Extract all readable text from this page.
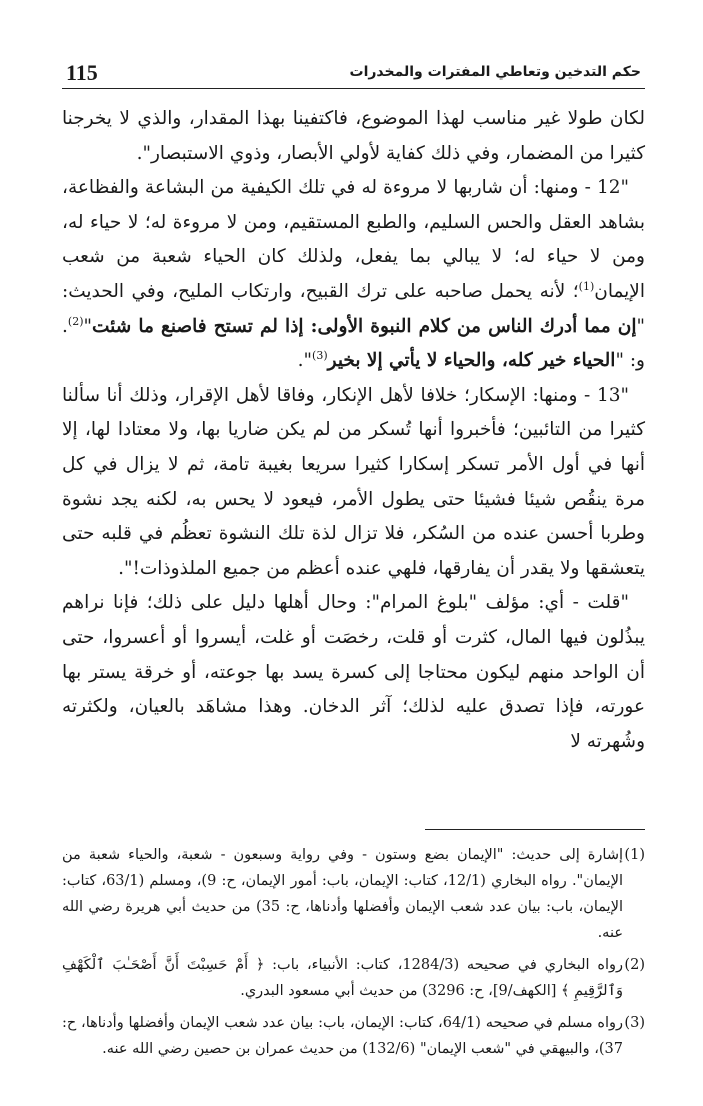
115	حكم التدخين وتعاطي المفترات والمخدرات

لكان طولا غير مناسب لهذا الموضوع، فاكتفينا بهذا المقدار، والذي لا يخرجنا كثيرا من المضمار، وفي ذلك كفاية لأولي الأبصار، وذوي الاستبصار".

"12 - ومنها: أن شاربها لا مروءة له في تلك الكيفية من البشاعة والفظاعة، بشاهد العقل والحس السليم، والطبع المستقيم، ومن لا مروءة له؛ لا حياء له، ومن لا حياء له؛ لا يبالي بما يفعل، ولذلك كان الحياء شعبة من شعب الإيمان$^{(1)}$؛ لأنه يحمل صاحبه على ترك القبيح، وارتكاب المليح، وفي الحديث: "إن مما أدرك الناس من كلام النبوة الأولى: إذا لم تستح فاصنع ما شئت"$^{(2)}$. و: "الحياء خير كله، والحياء لا يأتي إلا بخير$^{(3)}$".

"13 - ومنها: الإسكار؛ خلافا لأهل الإنكار، وفاقا لأهل الإقرار، وذلك أنا سألنا كثيرا من التائبين؛ فأخبروا أنها تُسكر من لم يكن ضاريا بها، ولا معتادا لها، إلا أنها في أول الأمر تسكر إسكارا كثيرا سريعا بغيبة تامة، ثم لا يزال في كل مرة ينقُص شيئا فشيئا حتى يطول الأمر، فيعود لا يحس به، لكنه يجد نشوة وطربا أحسن عنده من السُكر، فلا تزال لذة تلك النشوة تعظُم في قلبه حتى يتعشقها ولا يقدر أن يفارقها، فلهي عنده أعظم من جميع الملذوذات!".

"قلت - أي: مؤلف "بلوغ المرام": وحال أهلها دليل على ذلك؛ فإنا نراهم يبذُلون فيها المال، كثرت أو قلت، رخصَت أو غلت، أيسروا أو أعسروا، حتى أن الواحد منهم ليكون محتاجا إلى كسرة يسد بها جوعته، أو خرقة يستر بها عورته، فإذا تصدق عليه لذلك؛ آثر الدخان. وهذا مشاهَد بالعيان، ولكثرته وشُهرته لا

(1)
إشارة إلى حديث: "الإيمان بضع وستون - وفي رواية وسبعون - شعبة، والحياء شعبة من الإيمان". رواه البخاري (12/1، كتاب: الإيمان، باب: أمور الإيمان، ح: 9)، ومسلم (63/1، كتاب: الإيمان، باب: بيان عدد شعب الإيمان وأفضلها وأدناها، ح: 35) من حديث أبي هريرة رضي الله عنه.

(2)
رواه البخاري في صحيحه (1284/3، كتاب: الأنبياء، باب: ﴿ أَمْ حَسِبْتَ أَنَّ أَصْحَـٰبَ ٱلْكَهْفِ وَٱلرَّقِيمِ ﴾ [الكهف/9]، ح: 3296) من حديث أبي مسعود البدري.

(3)
رواه مسلم في صحيحه (64/1، كتاب: الإيمان، باب: بيان عدد شعب الإيمان وأفضلها وأدناها، ح: 37)، والبيهقي في "شعب الإيمان" (132/6) من حديث عمران بن حصين رضي الله عنه.
